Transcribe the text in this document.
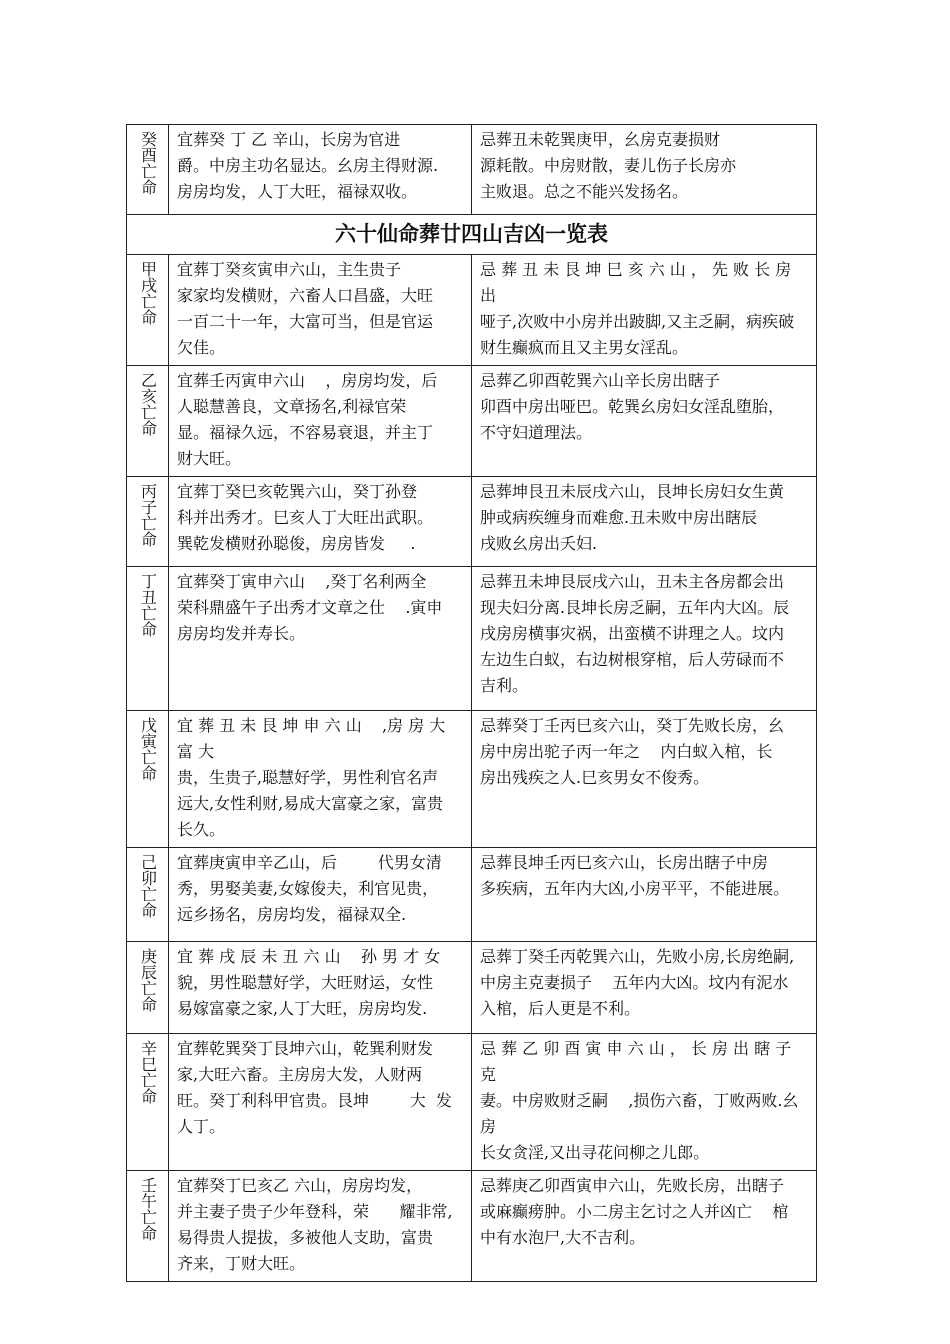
癸酉亡命	宜葬癸 丁 乙 辛山，长房为官进
爵。中房主功名显达。幺房主得财源.
房房均发，人丁大旺，福禄双收。	忌葬丑未乾巽庚甲，幺房克妻损财
源耗散。中房财散，妻儿伤子长房亦
主败退。总之不能兴发扬名。

六十仙命葬廿四山吉凶一览表		

甲戌亡命	宜葬丁癸亥寅申六山，主生贵子
家家均发横财，六畜人口昌盛，大旺
一百二十一年，大富可当，但是官运
欠佳。	忌 葬 丑 未 艮 坤 巳 亥 六 山 ， 先 败 长 房 出
哑子,次败中小房并出跛脚,又主乏嗣，病疾破
财生癫疯而且又主男女淫乱。

乙亥亡命	宜葬壬丙寅申六山    ，房房均发，后
人聪慧善良，文章扬名,利禄官荣
显。福禄久远，不容易衰退，并主丁
财大旺。	忌葬乙卯酉乾巽六山辛长房出瞎子
卯酉中房出哑巴。乾巽幺房妇女淫乱堕胎，
不守妇道理法。

丙子亡命	宜葬丁癸巳亥乾巽六山，癸丁孙登
科并出秀才。巳亥人丁大旺出武职。
巽乾发横财孙聪俊，房房皆发     .	忌葬坤艮丑未辰戌六山，艮坤长房妇女生黄
肿或病疾缠身而难愈.丑未败中房出瞎辰
戌败幺房出夭妇.

丁丑亡命	宜葬癸丁寅申六山    ,癸丁名利两全
荣科鼎盛午子出秀才文章之仕    .寅申
房房均发并寿长。	忌葬丑未坤艮辰戌六山，丑未主各房都会出
现夫妇分离.艮坤长房乏嗣，五年内大凶。辰
戌房房横事灾祸，出蛮横不讲理之人。坟内
左边生白蚁，右边树根穿棺，后人劳碌而不
吉利。

戊寅亡命	宜 葬 丑 未 艮 坤 申 六 山    ,房 房 大 富 大
贵，生贵子,聪慧好学，男性利官名声
远大,女性利财,易成大富豪之家，富贵
长久。	忌葬癸丁壬丙巳亥六山，癸丁先败长房，幺
房中房出驼子丙一年之    内白蚁入棺，长
房出残疾之人.巳亥男女不俊秀。

己卯亡命	宜葬庚寅申辛乙山，后        代男女清
秀，男娶美妻,女嫁俊夫，利官见贵，
远乡扬名，房房均发，福禄双全.	忌葬艮坤壬丙巳亥六山，长房出瞎子中房
多疾病，五年内大凶,小房平平，不能进展。

庚辰亡命	宜 葬 戌 辰 未 丑 六 山    孙 男 才 女
貌，男性聪慧好学，大旺财运，女性
易嫁富豪之家,人丁大旺，房房均发.	忌葬丁癸壬丙乾巽六山，先败小房,长房绝嗣,
中房主克妻损子    五年内大凶。坟内有泥水
入棺，后人更是不利。

辛巳亡命	宜葬乾巽癸丁艮坤六山，乾巽利财发
家,大旺六畜。主房房大发，人财两
旺。癸丁利科甲官贵。艮坤        大  发
人丁。	忌 葬 乙 卯 酉 寅 申 六 山 ， 长 房 出 瞎 子 克
妻。中房败财乏嗣    ,损伤六畜，丁败两败.幺房
长女贪淫,又出寻花问柳之儿郎。

壬午亡命	宜葬癸丁巳亥乙 六山，房房均发，
并主妻子贵子少年登科，荣      耀非常,
易得贵人提拔，多被他人支助，富贵
齐来，丁财大旺。	忌葬庚乙卯酉寅申六山，先败长房，出瞎子
或麻癫痨肿。小二房主乞讨之人并凶亡    棺
中有水泡尸,大不吉利。
